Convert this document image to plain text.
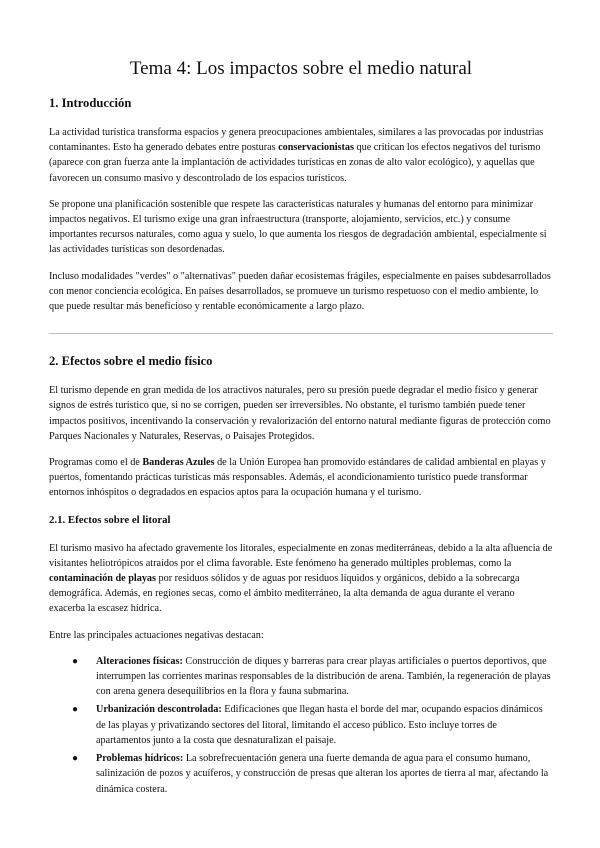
Tema 4: Los impactos sobre el medio natural
1. Introducción

La actividad turística transforma espacios y genera preocupaciones ambientales, similares a las provocadas por industrias contaminantes. Esto ha generado debates entre posturas conservacionistas que critican los efectos negativos del turismo (aparece con gran fuerza ante la implantación de actividades turísticas en zonas de alto valor ecológico), y aquellas que favorecen un consumo masivo y descontrolado de los espacios turísticos.

Se propone una planificación sostenible que respete las características naturales y humanas del entorno para minimizar impactos negativos. El turismo exige una gran infraestructura (transporte, alojamiento, servicios, etc.) y consume importantes recursos naturales, como agua y suelo, lo que aumenta los riesgos de degradación ambiental, especialmente si las actividades turísticas son desordenadas.

Incluso modalidades "verdes" o "alternativas" pueden dañar ecosistemas frágiles, especialmente en países subdesarrollados con menor conciencia ecológica. En países desarrollados, se promueve un turismo respetuoso con el medio ambiente, lo que puede resultar más beneficioso y rentable económicamente a largo plazo.

2. Efectos sobre el medio físico

El turismo depende en gran medida de los atractivos naturales, pero su presión puede degradar el medio físico y generar signos de estrés turístico que, si no se corrigen, pueden ser irreversibles. No obstante, el turismo también puede tener impactos positivos, incentivando la conservación y revalorización del entorno natural mediante figuras de protección como Parques Nacionales y Naturales, Reservas, o Paisajes Protegidos.

Programas como el de Banderas Azules de la Unión Europea han promovido estándares de calidad ambiental en playas y puertos, fomentando prácticas turísticas más responsables. Además, el acondicionamiento turístico puede transformar entornos inhóspitos o degradados en espacios aptos para la ocupación humana y el turismo.

2.1. Efectos sobre el litoral

El turismo masivo ha afectado gravemente los litorales, especialmente en zonas mediterráneas, debido a la alta afluencia de visitantes heliotrópicos atraídos por el clima favorable. Este fenómeno ha generado múltiples problemas, como la contaminación de playas por residuos sólidos y de aguas por residuos líquidos y orgánicos, debido a la sobrecarga demográfica. Además, en regiones secas, como el ámbito mediterráneo, la alta demanda de agua durante el verano exacerba la escasez hídrica.

Entre las principales actuaciones negativas destacan:

● Alteraciones físicas: Construcción de diques y barreras para crear playas artificiales o puertos deportivos, que interrumpen las corrientes marinas responsables de la distribución de arena. También, la regeneración de playas con arena genera desequilibrios en la flora y fauna submarina.
● Urbanización descontrolada: Edificaciones que llegan hasta el borde del mar, ocupando espacios dinámicos de las playas y privatizando sectores del litoral, limitando el acceso público. Esto incluye torres de apartamentos junto a la costa que desnaturalizan el paisaje.
● Problemas hídricos: La sobrefrecuentación genera una fuerte demanda de agua para el consumo humano, salinización de pozos y acuíferos, y construcción de presas que alteran los aportes de tierra al mar, afectando la dinámica costera.
